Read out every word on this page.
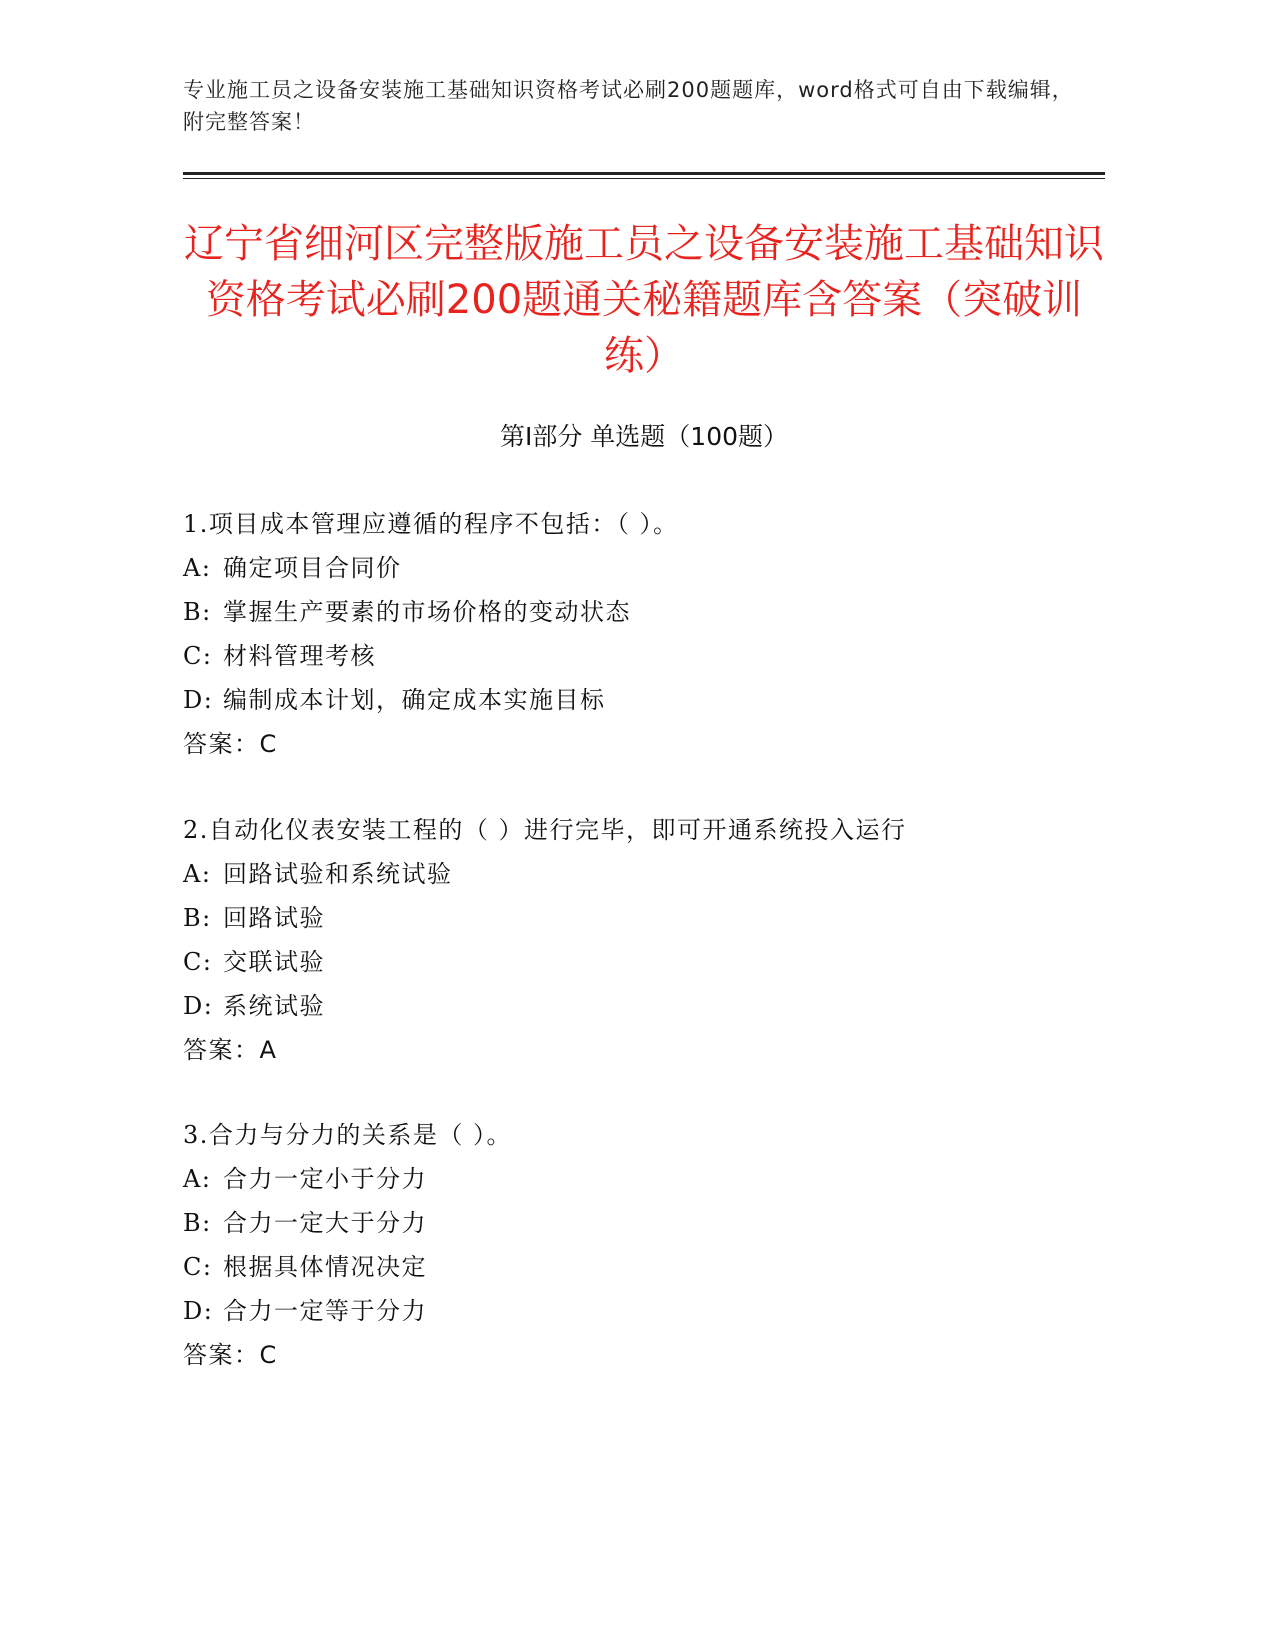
专业施工员之设备安装施工基础知识资格考试必刷200题题库，word格式可自由下载编辑，附完整答案！
辽宁省细河区完整版施工员之设备安装施工基础知识资格考试必刷200题通关秘籍题库含答案（突破训练）
第Ⅰ部分 单选题（100题）
1.项目成本管理应遵循的程序不包括：（ ）。
A: 确定项目合同价
B: 掌握生产要素的市场价格的变动状态
C: 材料管理考核
D: 编制成本计划，确定成本实施目标
答案：C
2.自动化仪表安装工程的（ ）进行完毕，即可开通系统投入运行
A: 回路试验和系统试验
B: 回路试验
C: 交联试验
D: 系统试验
答案：A
3.合力与分力的关系是（ ）。
A: 合力一定小于分力
B: 合力一定大于分力
C: 根据具体情况决定
D: 合力一定等于分力
答案：C
